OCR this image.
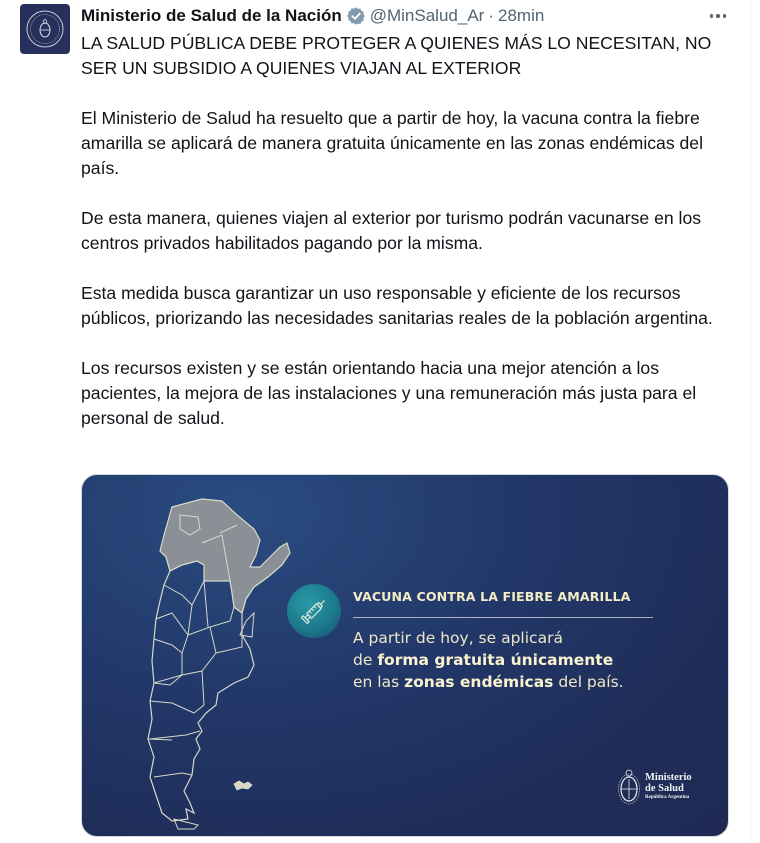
Ministerio de Salud de la Nación @MinSalud_Ar · 28min

LA SALUD PÚBLICA DEBE PROTEGER A QUIENES MÁS LO NECESITAN, NO SER UN SUBSIDIO A QUIENES VIAJAN AL EXTERIOR

El Ministerio de Salud ha resuelto que a partir de hoy, la vacuna contra la fiebre amarilla se aplicará de manera gratuita únicamente en las zonas endémicas del país.

De esta manera, quienes viajen al exterior por turismo podrán vacunarse en los centros privados habilitados pagando por la misma.

Esta medida busca garantizar un uso responsable y eficiente de los recursos públicos, priorizando las necesidades sanitarias reales de la población argentina.

Los recursos existen y se están orientando hacia una mejor atención a los pacientes, la mejora de las instalaciones y una remuneración más justa para el personal de salud.

VACUNA CONTRA LA FIEBRE AMARILLA
A partir de hoy, se aplicará
de forma gratuita únicamente
en las zonas endémicas del país.
Ministerio
de Salud
República Argentina
